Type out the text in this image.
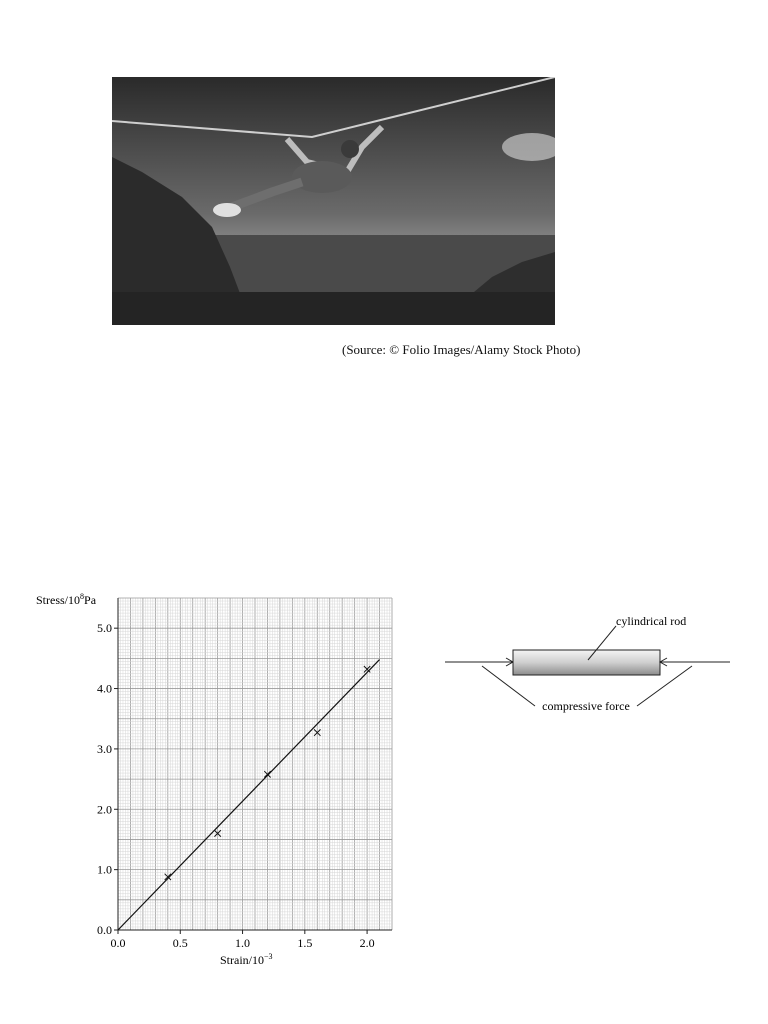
(Source: © Folio Images/Alamy Stock Photo)
Stress/$10^8Pa$
Strain/$10^{-3}$
0.0	0.5	1.0	1.5	2.0
0.0
1.0
2.0
3.0
4.0
5.0
cylindrical rod
compressive force
